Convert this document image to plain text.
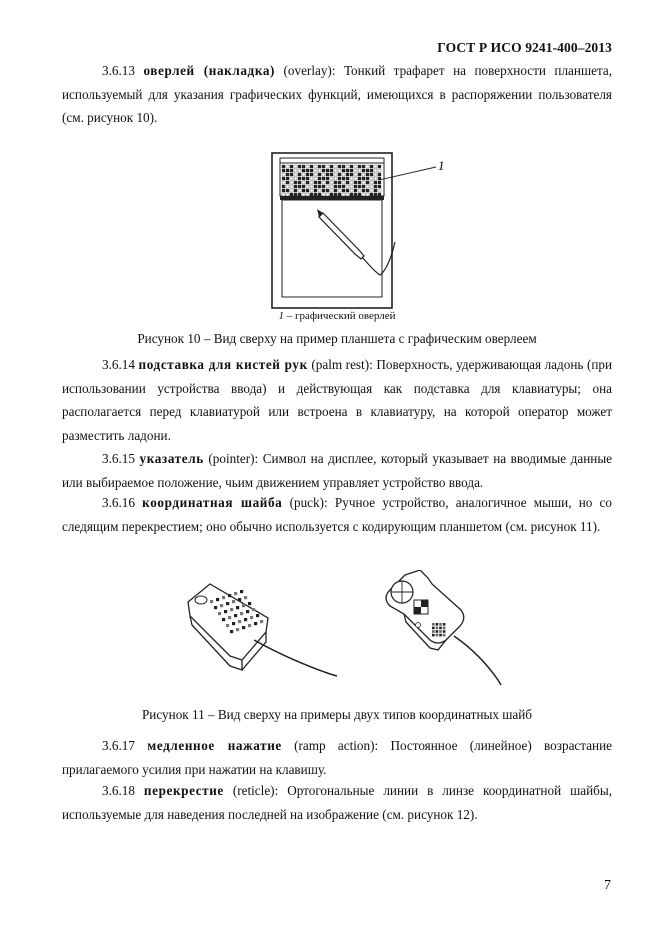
ГОСТ Р ИСО 9241-400–2013
3.6.13 оверлей (накладка) (overlay): Тонкий трафарет на поверхности планшета, используемый для указания графических функций, имеющихся в распоряжении пользователя (см. рисунок 10).
1
1 – графический оверлей
Рисунок 10 – Вид сверху на пример планшета с графическим оверлеем
3.6.14 подставка для кистей рук (palm rest): Поверхность, удерживающая ладонь (при использовании устройства ввода) и действующая как подставка для клавиатуры; она располагается перед клавиатурой или встроена в клавиатуру, на которой оператор может разместить ладони.
3.6.15 указатель (pointer): Символ на дисплее, который указывает на вводимые данные или выбираемое положение, чьим движением управляет устройство ввода.
3.6.16 координатная шайба (puck): Ручное устройство, аналогичное мыши, но со следящим перекрестием; оно обычно используется с кодирующим планшетом (см. рисунок 11).
Рисунок 11 – Вид сверху на примеры двух типов координатных шайб
3.6.17 медленное нажатие (ramp action): Постоянное (линейное) возрастание прилагаемого усилия при нажатии на клавишу.
3.6.18 перекрестие (reticle): Ортогональные линии в линзе координатной шайбы, используемые для наведения последней на изображение (см. рисунок 12).
7
